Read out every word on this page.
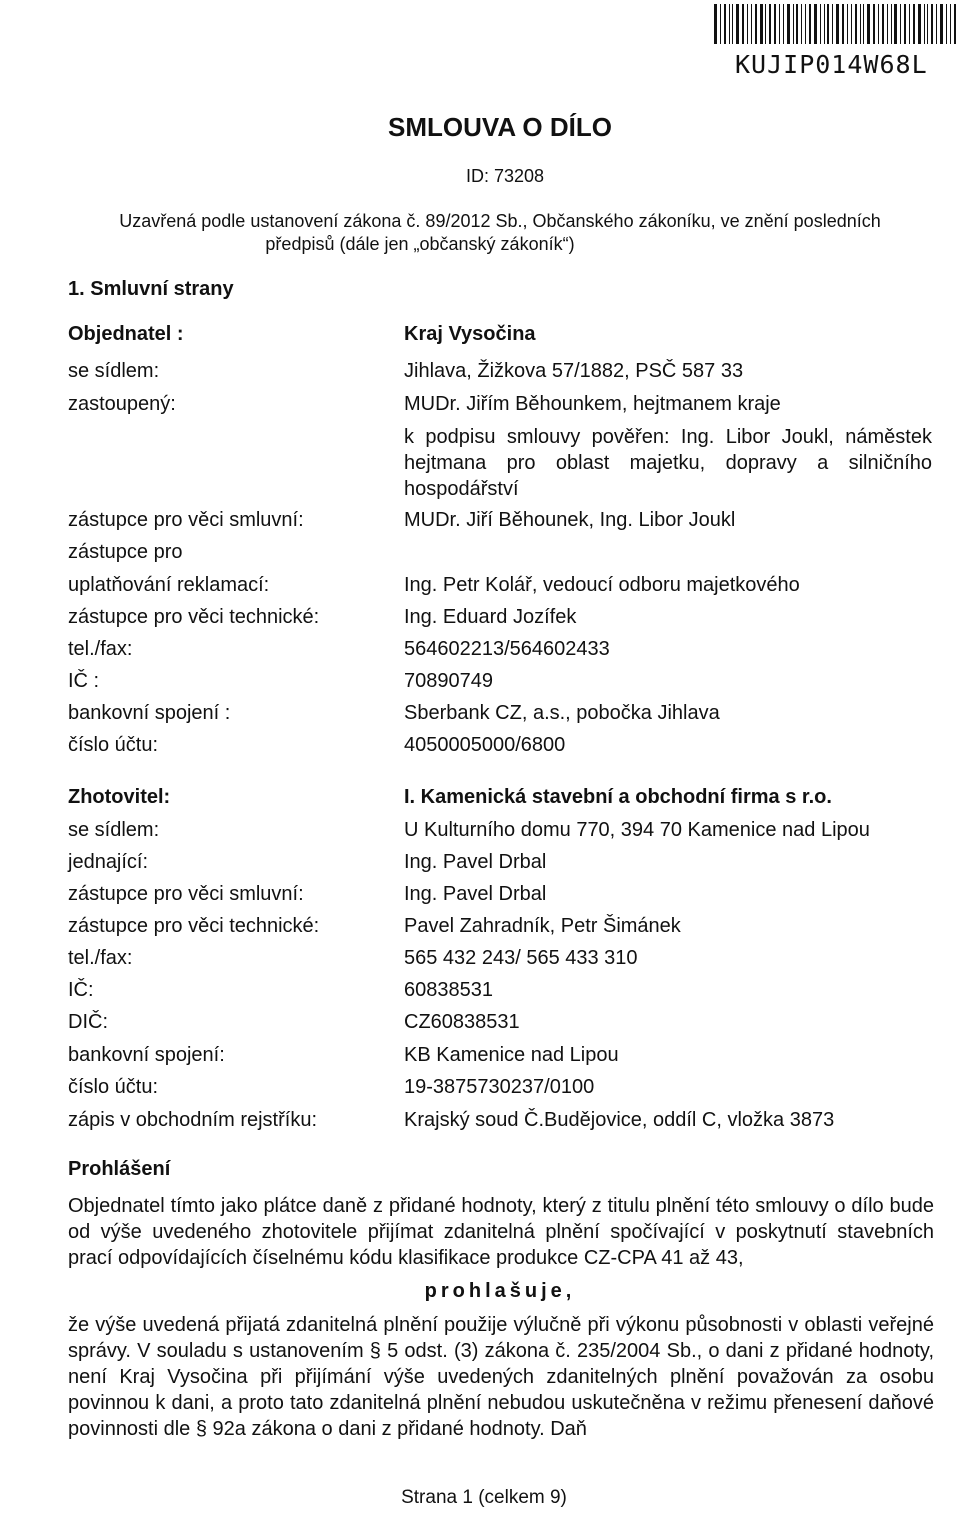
KUJIP014W68L
SMLOUVA O DÍLO
ID: 73208
Uzavřená podle ustanovení zákona č. 89/2012 Sb., Občanského zákoníku, ve znění posledních
předpisů (dále jen „občanský zákoník“)
1. Smluvní strany
Objednatel :	Kraj Vysočina
se sídlem:	Jihlava, Žižkova 57/1882, PSČ 587 33
zastoupený:	MUDr. Jiřím Běhounkem, hejtmanem kraje
k podpisu smlouvy pověřen: Ing. Libor Joukl, náměstek hejtmana pro oblast majetku, dopravy a silničního hospodářství
zástupce pro věci smluvní:	MUDr. Jiří Běhounek, Ing. Libor Joukl
zástupce pro
uplatňování reklamací:	Ing. Petr Kolář, vedoucí odboru majetkového
zástupce pro věci technické:	Ing. Eduard Jozífek
tel./fax:	564602213/564602433
IČ :	70890749
bankovní spojení :	Sberbank CZ, a.s., pobočka Jihlava
číslo účtu:	4050005000/6800
Zhotovitel:	I. Kamenická stavební a obchodní firma s r.o.
se sídlem:	U Kulturního domu 770, 394 70 Kamenice nad Lipou
jednající:	Ing. Pavel Drbal
zástupce pro věci smluvní:	Ing. Pavel Drbal
zástupce pro věci technické:	Pavel Zahradník, Petr Šimánek
tel./fax:	565 432 243/ 565 433 310
IČ:	60838531
DIČ:	CZ60838531
bankovní spojení:	KB Kamenice nad Lipou
číslo účtu:	19-3875730237/0100
zápis v obchodním rejstříku:	Krajský soud Č.Budějovice, oddíl C, vložka 3873
Prohlášení
Objednatel tímto jako plátce daně z přidané hodnoty, který z titulu plnění této smlouvy o dílo bude od výše uvedeného zhotovitele přijímat zdanitelná plnění spočívající v poskytnutí stavebních prací odpovídajících číselnému kódu klasifikace produkce CZ-CPA 41 až 43,
prohlašuje,
že výše uvedená přijatá zdanitelná plnění použije výlučně při výkonu působnosti v oblasti veřejné správy. V souladu s ustanovením § 5 odst. (3) zákona č. 235/2004 Sb., o dani z přidané hodnoty, není Kraj Vysočina při přijímání výše uvedených zdanitelných plnění považován za osobu povinnou k dani, a proto tato zdanitelná plnění nebudou uskutečněna v režimu přenesení daňové povinnosti dle § 92a zákona o dani z přidané hodnoty. Daň
Strana 1 (celkem 9)
